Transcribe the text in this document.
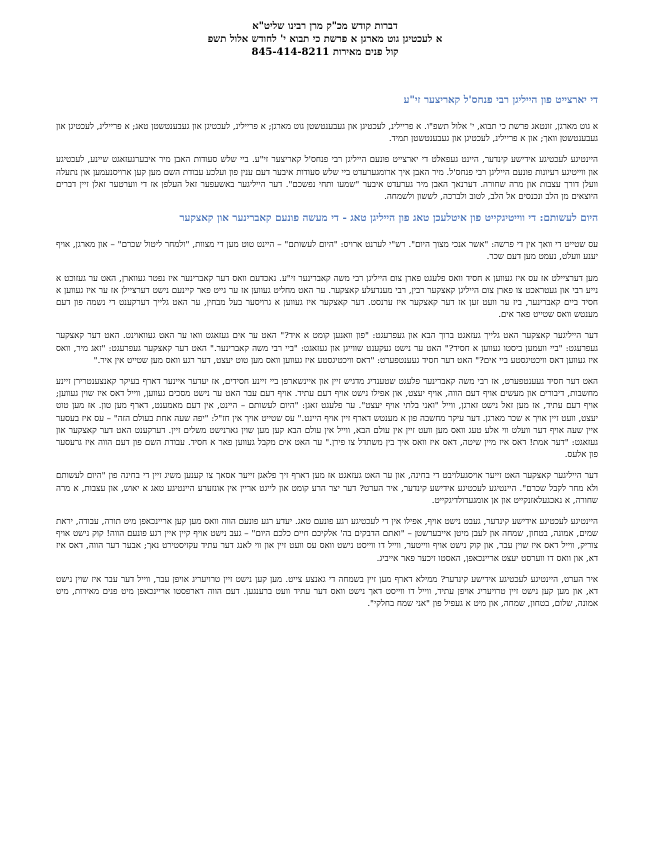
דברות קודש מכ"ק מרן רבינו שליט"א
א לעכטיגן גוט מארגן א פרשת כי תבוא י' לחודש אלול תשפ
קול פנים מאירות 845-414-8211
די יארצייט פון הייליגן רבי פנחס'ל קאריצער זי"ע

א גוט מארגן, זונטאג פרשת כי תבוא, י' אלול תשפ"ו. א פריילינ, לעכטיגן און געבענטשטן גוט מארגן; א פריילינ, לעכטיגן און געבענטשטן טאג; א פריילינ, לעכטיגן און געבענטשטן וואך; און א פריילינ, לעכטיגן און געבענטשטן תמיד.

היינטיגע לעכטיגע אידישע קינדער, היינט געפאלט די יארצייט פונעם הייליגן רבי פנחס'ל קאריצער זי"ע. ביי שלש סעודות האבן מיר איבערגעזאגט שיינע, לעכטיגע און ווייטיגע רעיונות פונעם הייליגן רבי פנחס'ל. מיר האבן איך ארומגערעדט ביי שלש סעודות איבער דעם ענין פון ועלכע עבודת השם מען קען ארויסנעמען און נתעלה וועלן דורך עצבות און מרה שחורה. דערנאך האבן מיר גערעדט איבער "שמעו ותחי נפשכם". דער הייליגער באשעפער זאל העלפן אז די ווערטער זאלן זיין דברים היוצאים מן הלב ונכנסים אל הלב, לטוב ולברכה, לששון ולשמחה.

היום לעשותם: די ווייטיגקייט פון איטלעכן טאג פון הייליגן טאג - די מעשה פונעם קאברינער און קאצקער

עס שטייט די וואך אין די פרשה: "אשר אנכי מצוך היום". רש"י לערנט ארויס: "היום לעשותם" – היינט טוט מען די מצוות, "ולמחר ליטול שכרם" – און מארגן, אויף יענע וועלט, נעמט מען דעם שכר.

מען דערציילט אז עס איז געווען א חסיד וואס פלעגט פארן צום הייליגן רבי משה קאברינער זי"ע. נאכדעם וואס דער קאברינער איז נפטר געווארן, האט ער געזוכט א נייע רבי און געטראכט צו פארן צום הייליגן קאצקער רבין, רבי מענדעלע קאצקער. ער האט מחליט געווען אז ער גייט פאר קיינעם נישט דערציילן אז ער איז געווען א חסיד ביים קאברינער, ביז ער וועט זען אז דער קאצקער איז ערנסט. דער קאצקער איז געווען א גרויסער בעל מבחין, ער האט גלייך דערקענט די נשמה פון דעם מענטש וואס שטייט פאר אים.

דער הייליגער קאצקער האט גלייך געזאגט ברוך הבא און געפרעגט: "פון וואנען קומט א איד?" האט ער אים געזאגט וואו ער האט געוואוינט. האט דער קאצקער געפרעגט: "ביי וועמען ביסטו געווען א חסיד?" האט ער נישט געקענט שווייגן און געזאגט: "ביי רבי משה קאברינער." האט דער קאצקער געפרעגט: "זאג מיר, וואס איז געווען דאס וויכטיגסטע ביי אים?" האט דער חסיד געענטפערט: "דאס וויכטיגסטע איז געווען וואס מען טוט יעצט, דער רגע וואס מען שטייט אין איר."

האט דער חסיד געענטפערט, אז רבי משה קאברינער פלעגט שטענדיג מדגיש זיין און איינשארפן ביי זיינע חסידים, אז יעדער איינער דארף בעיקר קאנצענטרירן זיינע מחשבות, דיבורים און מעשים אויף דעם הווה, אויף יעצט, און אפילו נישט אויף דעם עתיד. אויף דעם עבר האט ער נישט מסכים געווען, ווייל דאס איז שוין געווען; אויף דעם עתיד, אז מען זאל נישט זארגן, ווייל "ואני בלתי אויף יעצט". ער פלעגט זאגן: "היום לעשותם – היינט, אין דעם מאמענט, דארף מען טון. אז מען טוט יעצט, וועט זיין אויך א שכר מארגן. דער עיקר מחשבה פון א מענטש דארף זיין אויף היינט." עס שטייט אויך אין חז"ל: "יפה שעה אחת בעולם הזה" – עס איז בעסער איין שעה אויף דער וועלט ווי אלע טעג וואס מען וועט זיין אין עולם הבא, ווייל אין עולם הבא קען מען שוין גארנישט משלים זיין. דערקענט האט דער קאצקער און געזאגט: "דער אמת! דאס איז מיין שיטה, דאס איז וואס איך בין משתדל צו פירן." ער האט אים מקבל געווען פאר א חסיד. עבודת השם פון דעם הווה איז גרעסער פון אלעס.

דער הייליגער קאצקער האט זייער אויסגעלויבט די בחינה, און ער האט געזאגט אז מען דארף זיך פלאגן זייער אסאך צו קענען משיג זיין די בחינה פון "היום לעשותם ולא מחר לקבל שכרם". היינטיגע לעכטיגע אידישע קינדער, איר הערט? דער יצר הרע קומט און לייגט אריין אין אונזערע היינטיגע טאג א יאוש, און עצבות, א מרה שחורה, א נאכגעלאזנקייט און אן אומגעדולדיגקייט.

היינטיגע לעכטיגע אידישע קינדער, געבט נישט אויף, אפילו אין די לעכטיגע רגע פונעם טאג. יעדע רגע פונעם הווה וואס מען קען אריינכאפן מיט תורה, עבודה, יראת שמים, אמונה, בטחון, שמחה און לעבן מיטן אייבערשטן – "ואתם הדבקים בה' אלקיכם חיים כלכם היום" – געב נישט אויף קיין איין רגע פונעם הווה! קוק נישט אויף צוריק, ווייל דאס איז שוין עבר, און קוק נישט אויף ווייטער, ווייל דו ווייסט נישט וואס עס וועט זיין און ווי לאנג דער עתיד עקזיסטירט נאך; אבער דער הווה, דאס איז דא, און וואס דו ווערסט יעצט אריינכאפן, האסטו זיכער פאר אייביג.

איר הערט, היינטיגע לעכטיגע אידישע קינדער? ממילא דארף מען זיין בשמחה די גאנצע צייט. מען קען נישט זיין טרויעריג אויפן עבר, ווייל דער עבר איז שוין נישט דא, און מען קען נישט זיין טרויעריג אויפן עתיד, ווייל דו ווייסט דאך נישט וואס דער עתיד וועט ברענגען. דעם הווה דארפסטו אריינכאפן מיט פנים מאירות, מיט אמונה, שלום, בטחון, שמחה, און מיט א געפיל פון "אני שמח בחלקי".
